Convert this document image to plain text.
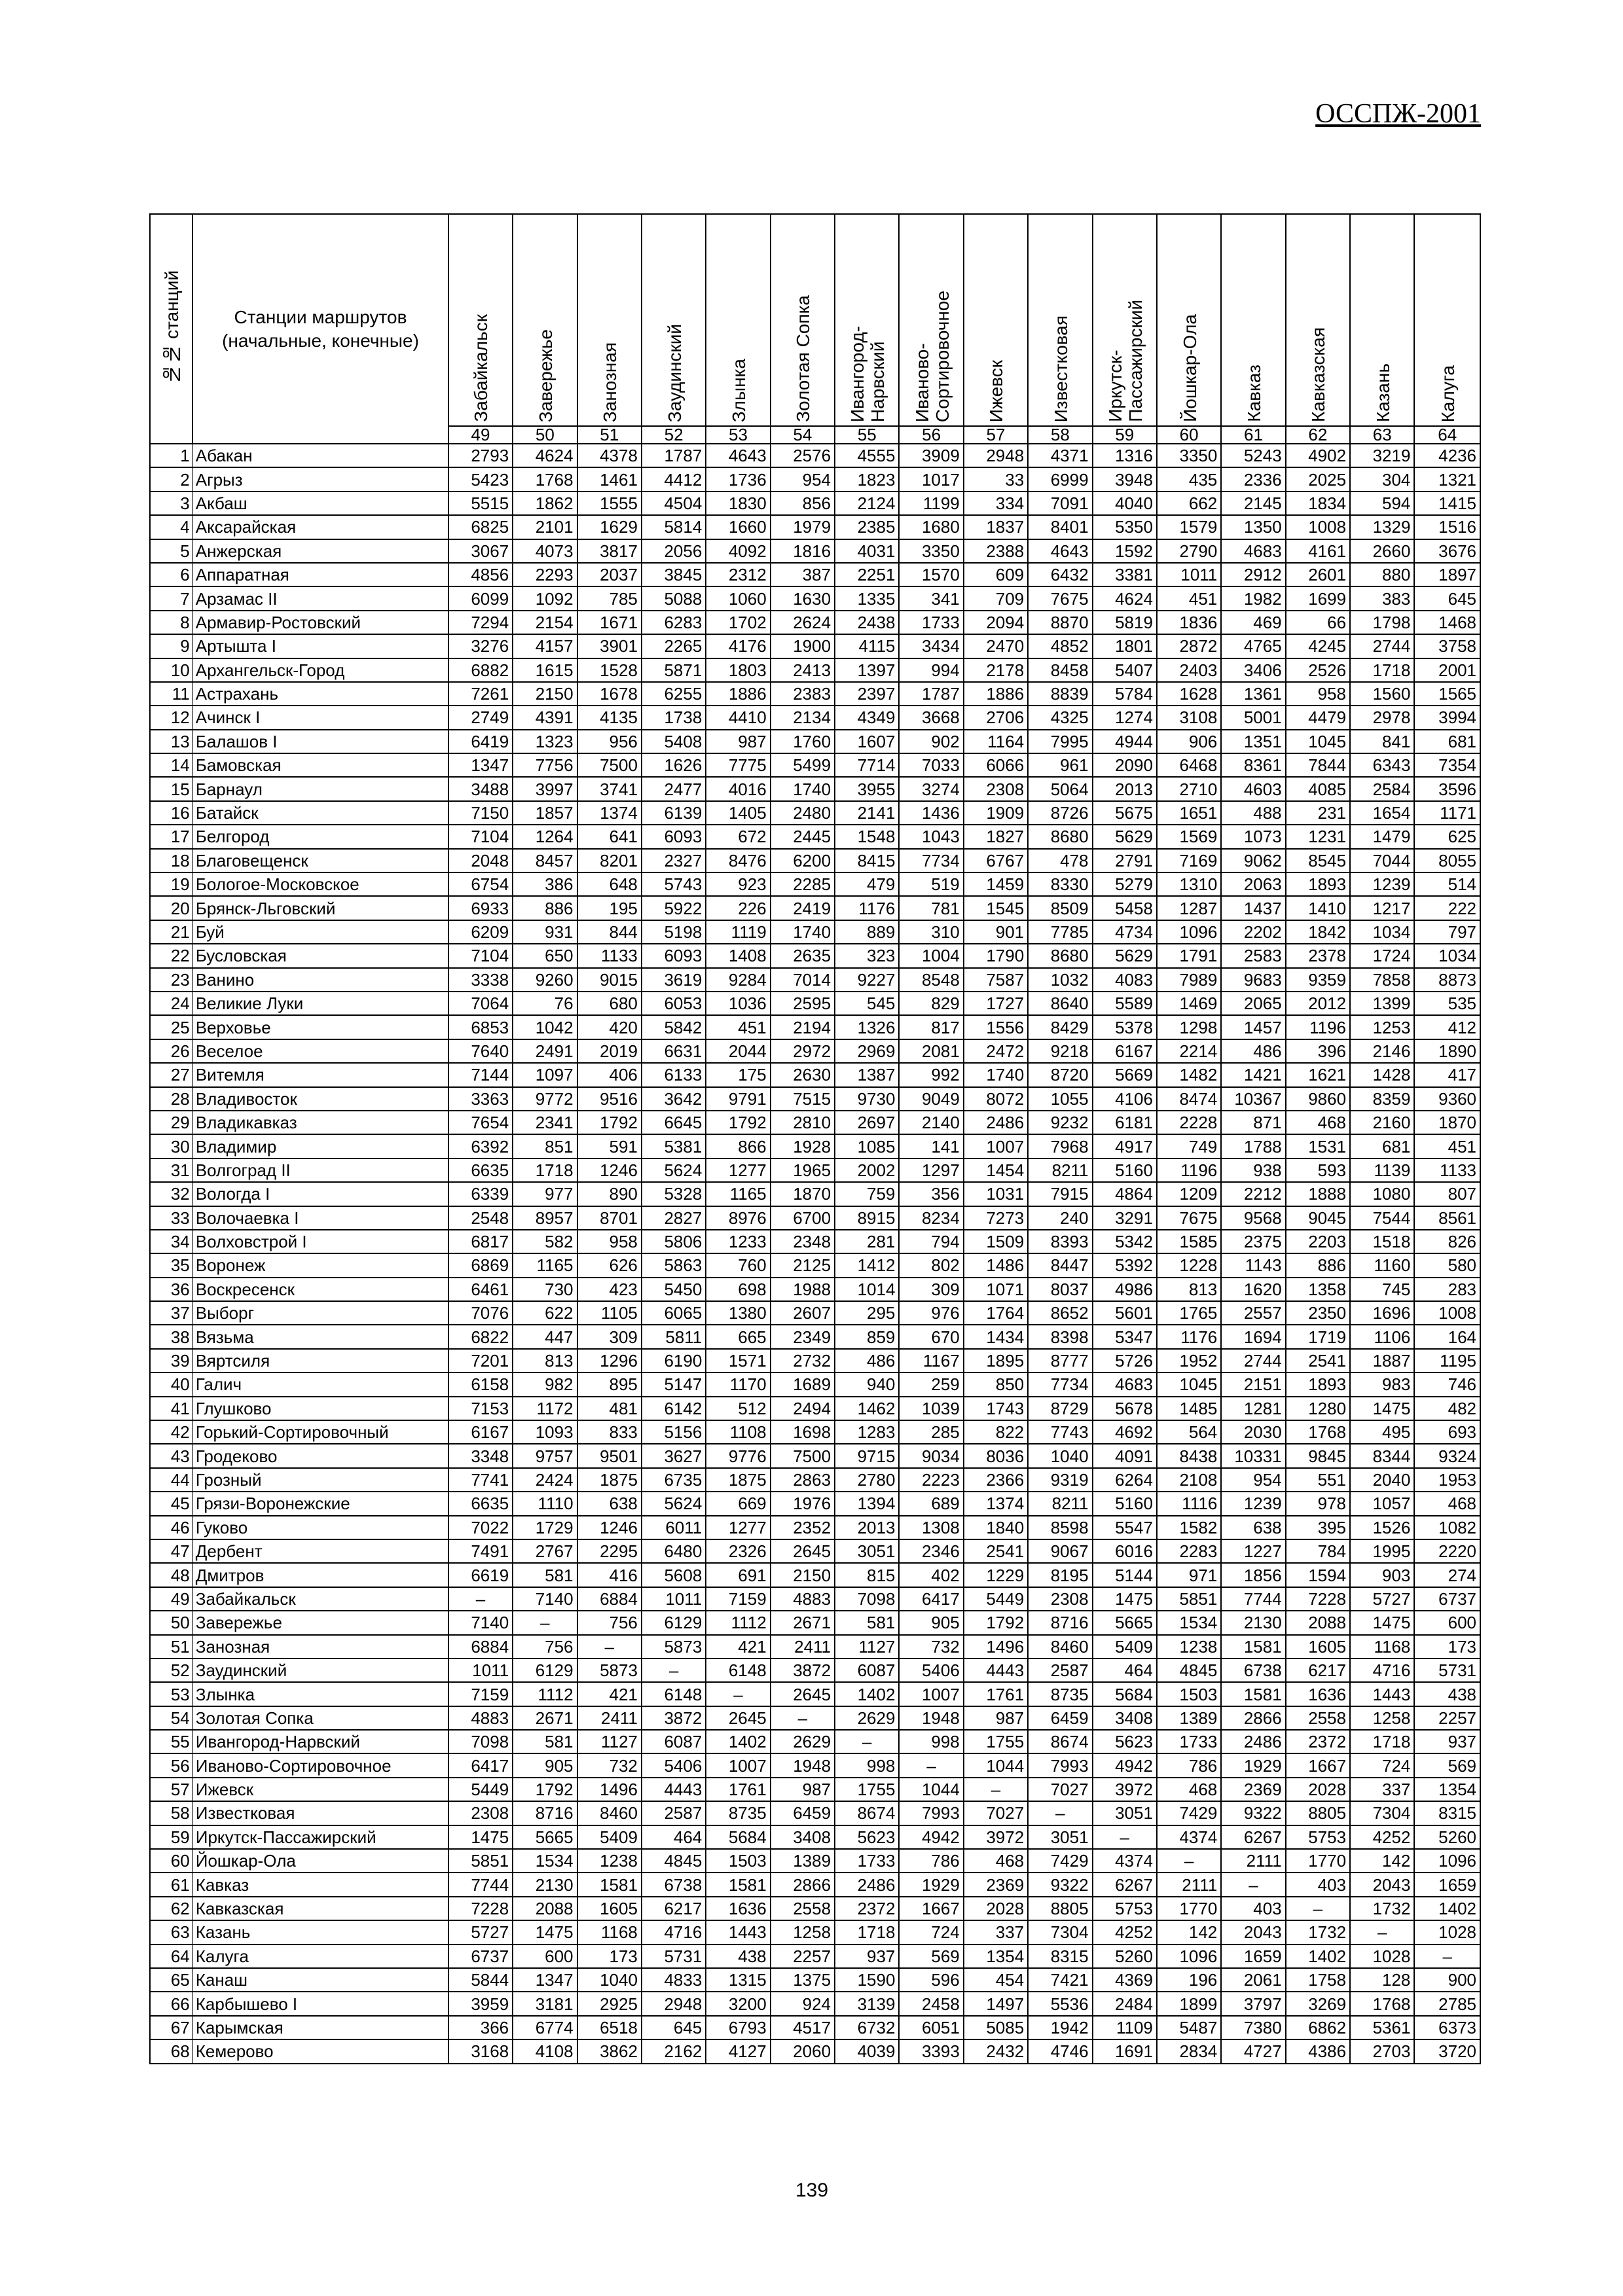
ОССПЖ-2001
№№ станций	Станции маршрутов
(начальные, конечные)	Забайкальск	Завережье	Занозная	Заудинский	Злынка	Золотая Сопка	Ивангород-
Нарвский	Иваново-
Сортировочное	Ижевск	Известковая	Иркутск-
Пассажирский	Йошкар-Ола	Кавказ	Кавказская	Казань	Калуга
		49	50	51	52	53	54	55	56	57	58	59	60	61	62	63	64
1	Абакан	2793	4624	4378	1787	4643	2576	4555	3909	2948	4371	1316	3350	5243	4902	3219	4236
2	Агрыз	5423	1768	1461	4412	1736	954	1823	1017	33	6999	3948	435	2336	2025	304	1321
3	Акбаш	5515	1862	1555	4504	1830	856	2124	1199	334	7091	4040	662	2145	1834	594	1415
4	Аксарайская	6825	2101	1629	5814	1660	1979	2385	1680	1837	8401	5350	1579	1350	1008	1329	1516
5	Анжерская	3067	4073	3817	2056	4092	1816	4031	3350	2388	4643	1592	2790	4683	4161	2660	3676
6	Аппаратная	4856	2293	2037	3845	2312	387	2251	1570	609	6432	3381	1011	2912	2601	880	1897
7	Арзамас II	6099	1092	785	5088	1060	1630	1335	341	709	7675	4624	451	1982	1699	383	645
8	Армавир-Ростовский	7294	2154	1671	6283	1702	2624	2438	1733	2094	8870	5819	1836	469	66	1798	1468
9	Артышта I	3276	4157	3901	2265	4176	1900	4115	3434	2470	4852	1801	2872	4765	4245	2744	3758
10	Архангельск-Город	6882	1615	1528	5871	1803	2413	1397	994	2178	8458	5407	2403	3406	2526	1718	2001
11	Астрахань	7261	2150	1678	6255	1886	2383	2397	1787	1886	8839	5784	1628	1361	958	1560	1565
12	Ачинск I	2749	4391	4135	1738	4410	2134	4349	3668	2706	4325	1274	3108	5001	4479	2978	3994
13	Балашов I	6419	1323	956	5408	987	1760	1607	902	1164	7995	4944	906	1351	1045	841	681
14	Бамовская	1347	7756	7500	1626	7775	5499	7714	7033	6066	961	2090	6468	8361	7844	6343	7354
15	Барнаул	3488	3997	3741	2477	4016	1740	3955	3274	2308	5064	2013	2710	4603	4085	2584	3596
16	Батайск	7150	1857	1374	6139	1405	2480	2141	1436	1909	8726	5675	1651	488	231	1654	1171
17	Белгород	7104	1264	641	6093	672	2445	1548	1043	1827	8680	5629	1569	1073	1231	1479	625
18	Благовещенск	2048	8457	8201	2327	8476	6200	8415	7734	6767	478	2791	7169	9062	8545	7044	8055
19	Бологое-Московское	6754	386	648	5743	923	2285	479	519	1459	8330	5279	1310	2063	1893	1239	514
20	Брянск-Льговский	6933	886	195	5922	226	2419	1176	781	1545	8509	5458	1287	1437	1410	1217	222
21	Буй	6209	931	844	5198	1119	1740	889	310	901	7785	4734	1096	2202	1842	1034	797
22	Бусловская	7104	650	1133	6093	1408	2635	323	1004	1790	8680	5629	1791	2583	2378	1724	1034
23	Ванино	3338	9260	9015	3619	9284	7014	9227	8548	7587	1032	4083	7989	9683	9359	7858	8873
24	Великие Луки	7064	76	680	6053	1036	2595	545	829	1727	8640	5589	1469	2065	2012	1399	535
25	Верховье	6853	1042	420	5842	451	2194	1326	817	1556	8429	5378	1298	1457	1196	1253	412
26	Веселое	7640	2491	2019	6631	2044	2972	2969	2081	2472	9218	6167	2214	486	396	2146	1890
27	Витемля	7144	1097	406	6133	175	2630	1387	992	1740	8720	5669	1482	1421	1621	1428	417
28	Владивосток	3363	9772	9516	3642	9791	7515	9730	9049	8072	1055	4106	8474	10367	9860	8359	9360
29	Владикавказ	7654	2341	1792	6645	1792	2810	2697	2140	2486	9232	6181	2228	871	468	2160	1870
30	Владимир	6392	851	591	5381	866	1928	1085	141	1007	7968	4917	749	1788	1531	681	451
31	Волгоград II	6635	1718	1246	5624	1277	1965	2002	1297	1454	8211	5160	1196	938	593	1139	1133
32	Вологда I	6339	977	890	5328	1165	1870	759	356	1031	7915	4864	1209	2212	1888	1080	807
33	Волочаевка I	2548	8957	8701	2827	8976	6700	8915	8234	7273	240	3291	7675	9568	9045	7544	8561
34	Волховстрой I	6817	582	958	5806	1233	2348	281	794	1509	8393	5342	1585	2375	2203	1518	826
35	Воронеж	6869	1165	626	5863	760	2125	1412	802	1486	8447	5392	1228	1143	886	1160	580
36	Воскресенск	6461	730	423	5450	698	1988	1014	309	1071	8037	4986	813	1620	1358	745	283
37	Выборг	7076	622	1105	6065	1380	2607	295	976	1764	8652	5601	1765	2557	2350	1696	1008
38	Вязьма	6822	447	309	5811	665	2349	859	670	1434	8398	5347	1176	1694	1719	1106	164
39	Вяртсиля	7201	813	1296	6190	1571	2732	486	1167	1895	8777	5726	1952	2744	2541	1887	1195
40	Галич	6158	982	895	5147	1170	1689	940	259	850	7734	4683	1045	2151	1893	983	746
41	Глушково	7153	1172	481	6142	512	2494	1462	1039	1743	8729	5678	1485	1281	1280	1475	482
42	Горький-Сортировочный	6167	1093	833	5156	1108	1698	1283	285	822	7743	4692	564	2030	1768	495	693
43	Гродеково	3348	9757	9501	3627	9776	7500	9715	9034	8036	1040	4091	8438	10331	9845	8344	9324
44	Грозный	7741	2424	1875	6735	1875	2863	2780	2223	2366	9319	6264	2108	954	551	2040	1953
45	Грязи-Воронежские	6635	1110	638	5624	669	1976	1394	689	1374	8211	5160	1116	1239	978	1057	468
46	Гуково	7022	1729	1246	6011	1277	2352	2013	1308	1840	8598	5547	1582	638	395	1526	1082
47	Дербент	7491	2767	2295	6480	2326	2645	3051	2346	2541	9067	6016	2283	1227	784	1995	2220
48	Дмитров	6619	581	416	5608	691	2150	815	402	1229	8195	5144	971	1856	1594	903	274
49	Забайкальск	–	7140	6884	1011	7159	4883	7098	6417	5449	2308	1475	5851	7744	7228	5727	6737
50	Завережье	7140	–	756	6129	1112	2671	581	905	1792	8716	5665	1534	2130	2088	1475	600
51	Занозная	6884	756	–	5873	421	2411	1127	732	1496	8460	5409	1238	1581	1605	1168	173
52	Заудинский	1011	6129	5873	–	6148	3872	6087	5406	4443	2587	464	4845	6738	6217	4716	5731
53	Злынка	7159	1112	421	6148	–	2645	1402	1007	1761	8735	5684	1503	1581	1636	1443	438
54	Золотая Сопка	4883	2671	2411	3872	2645	–	2629	1948	987	6459	3408	1389	2866	2558	1258	2257
55	Ивангород-Нарвский	7098	581	1127	6087	1402	2629	–	998	1755	8674	5623	1733	2486	2372	1718	937
56	Иваново-Сортировочное	6417	905	732	5406	1007	1948	998	–	1044	7993	4942	786	1929	1667	724	569
57	Ижевск	5449	1792	1496	4443	1761	987	1755	1044	–	7027	3972	468	2369	2028	337	1354
58	Известковая	2308	8716	8460	2587	8735	6459	8674	7993	7027	–	3051	7429	9322	8805	7304	8315
59	Иркутск-Пассажирский	1475	5665	5409	464	5684	3408	5623	4942	3972	3051	–	4374	6267	5753	4252	5260
60	Йошкар-Ола	5851	1534	1238	4845	1503	1389	1733	786	468	7429	4374	–	2111	1770	142	1096
61	Кавказ	7744	2130	1581	6738	1581	2866	2486	1929	2369	9322	6267	2111	–	403	2043	1659
62	Кавказская	7228	2088	1605	6217	1636	2558	2372	1667	2028	8805	5753	1770	403	–	1732	1402
63	Казань	5727	1475	1168	4716	1443	1258	1718	724	337	7304	4252	142	2043	1732	–	1028
64	Калуга	6737	600	173	5731	438	2257	937	569	1354	8315	5260	1096	1659	1402	1028	–
65	Канаш	5844	1347	1040	4833	1315	1375	1590	596	454	7421	4369	196	2061	1758	128	900
66	Карбышево I	3959	3181	2925	2948	3200	924	3139	2458	1497	5536	2484	1899	3797	3269	1768	2785
67	Карымская	366	6774	6518	645	6793	4517	6732	6051	5085	1942	1109	5487	7380	6862	5361	6373
68	Кемерово	3168	4108	3862	2162	4127	2060	4039	3393	2432	4746	1691	2834	4727	4386	2703	3720
139
